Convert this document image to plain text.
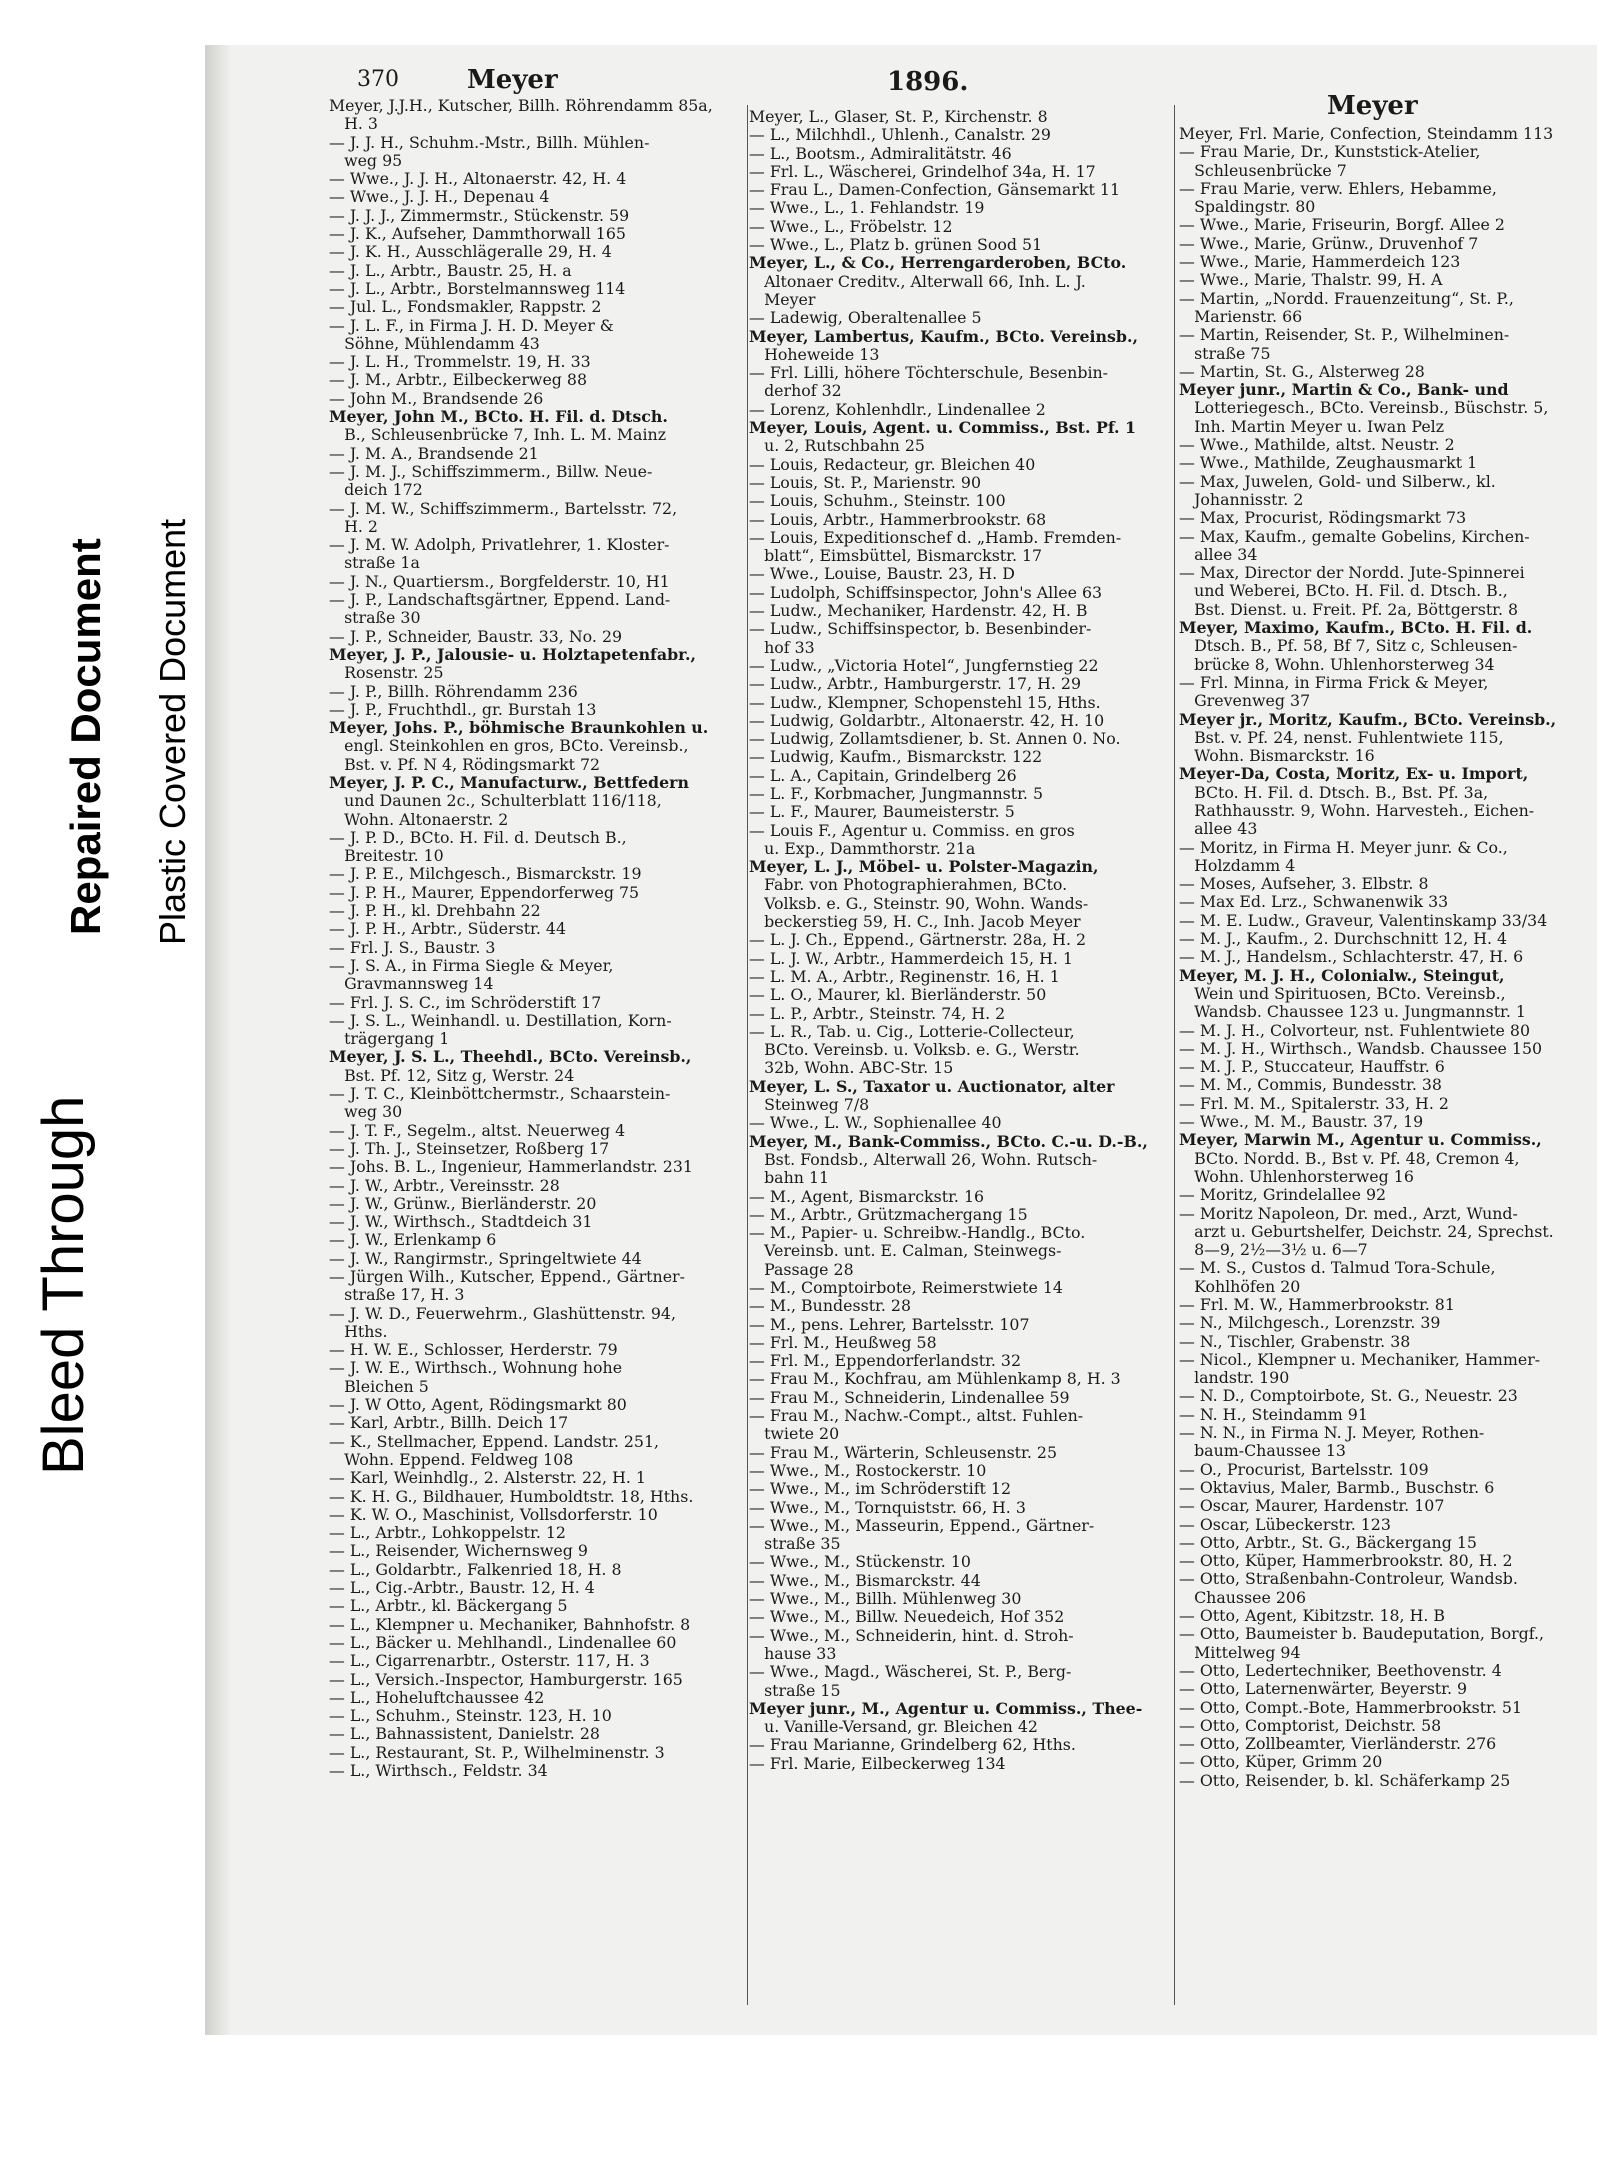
Bleed Through
Repaired Document Plastic Covered Document
370	Meyer	1896.
Meyer
Meyer, J.J.H., Kutscher, Billh. Röhrendamm 85a,
H. 3
— J. J. H., Schuhm.-Mstr., Billh. Mühlen-
weg 95
— Wwe., J. J. H., Altonaerstr. 42, H. 4
— Wwe., J. J. H., Depenau 4
— J. J. J., Zimmermstr., Stückenstr. 59
— J. K., Aufseher, Dammthorwall 165
— J. K. H., Ausschlägeralle 29, H. 4
— J. L., Arbtr., Baustr. 25, H. a
— J. L., Arbtr., Borstelmannsweg 114
— Jul. L., Fondsmakler, Rappstr. 2
— J. L. F., in Firma J. H. D. Meyer &
Söhne, Mühlendamm 43
— J. L. H., Trommelstr. 19, H. 33
— J. M., Arbtr., Eilbeckerweg 88
— John M., Brandsende 26
Meyer, John M., BCto. H. Fil. d. Dtsch.
B., Schleusenbrücke 7, Inh. L. M. Mainz
— J. M. A., Brandsende 21
— J. M. J., Schiffszimmerm., Billw. Neue-
deich 172
— J. M. W., Schiffszimmerm., Bartelsstr. 72,
H. 2
— J. M. W. Adolph, Privatlehrer, 1. Kloster-
straße 1a
— J. N., Quartiersm., Borgfelderstr. 10, H1
— J. P., Landschaftsgärtner, Eppend. Land-
straße 30
— J. P., Schneider, Baustr. 33, No. 29
Meyer, J. P., Jalousie- u. Holztapetenfabr.,
Rosenstr. 25
— J. P., Billh. Röhrendamm 236
— J. P., Fruchthdl., gr. Burstah 13
Meyer, Johs. P., böhmische Braunkohlen u.
engl. Steinkohlen en gros, BCto. Vereinsb.,
Bst. v. Pf. N 4, Rödingsmarkt 72
Meyer, J. P. C., Manufacturw., Bettfedern
und Daunen 2c., Schulterblatt 116/118,
Wohn. Altonaerstr. 2
— J. P. D., BCto. H. Fil. d. Deutsch B.,
Breitestr. 10
— J. P. E., Milchgesch., Bismarckstr. 19
— J. P. H., Maurer, Eppendorferweg 75
— J. P. H., kl. Drehbahn 22
— J. P. H., Arbtr., Süderstr. 44
— Frl. J. S., Baustr. 3
— J. S. A., in Firma Siegle & Meyer,
Gravmannsweg 14
— Frl. J. S. C., im Schröderstift 17
— J. S. L., Weinhandl. u. Destillation, Korn-
trägergang 1
Meyer, J. S. L., Theehdl., BCto. Vereinsb.,
Bst. Pf. 12, Sitz g, Werstr. 24
— J. T. C., Kleinböttchermstr., Schaarstein-
weg 30
— J. T. F., Segelm., altst. Neuerweg 4
— J. Th. J., Steinsetzer, Roßberg 17
— Johs. B. L., Ingenieur, Hammerlandstr. 231
— J. W., Arbtr., Vereinsstr. 28
— J. W., Grünw., Bierländerstr. 20
— J. W., Wirthsch., Stadtdeich 31
— J. W., Erlenkamp 6
— J. W., Rangirmstr., Springeltwiete 44
— Jürgen Wilh., Kutscher, Eppend., Gärtner-
straße 17, H. 3
— J. W. D., Feuerwehrm., Glashüttenstr. 94,
Hths.
— H. W. E., Schlosser, Herderstr. 79
— J. W. E., Wirthsch., Wohnung hohe
Bleichen 5
— J. W Otto, Agent, Rödingsmarkt 80
— Karl, Arbtr., Billh. Deich 17
— K., Stellmacher, Eppend. Landstr. 251,
Wohn. Eppend. Feldweg 108
— Karl, Weinhdlg., 2. Alsterstr. 22, H. 1
— K. H. G., Bildhauer, Humboldtstr. 18, Hths.
— K. W. O., Maschinist, Vollsdorferstr. 10
— L., Arbtr., Lohkoppelstr. 12
— L., Reisender, Wichernsweg 9
— L., Goldarbtr., Falkenried 18, H. 8
— L., Cig.-Arbtr., Baustr. 12, H. 4
— L., Arbtr., kl. Bäckergang 5
— L., Klempner u. Mechaniker, Bahnhofstr. 8
— L., Bäcker u. Mehlhandl., Lindenallee 60
— L., Cigarrenarbtr., Osterstr. 117, H. 3
— L., Versich.-Inspector, Hamburgerstr. 165
— L., Hoheluftchaussee 42
— L., Schuhm., Steinstr. 123, H. 10
— L., Bahnassistent, Danielstr. 28
— L., Restaurant, St. P., Wilhelminenstr. 3
— L., Wirthsch., Feldstr. 34
Meyer, L., Glaser, St. P., Kirchenstr. 8
— L., Milchhdl., Uhlenh., Canalstr. 29
— L., Bootsm., Admiralitätstr. 46
— Frl. L., Wäscherei, Grindelhof 34a, H. 17
— Frau L., Damen-Confection, Gänsemarkt 11
— Wwe., L., 1. Fehlandstr. 19
— Wwe., L., Fröbelstr. 12
— Wwe., L., Platz b. grünen Sood 51
Meyer, L., & Co., Herrengarderoben, BCto.
Altonaer Creditv., Alterwall 66, Inh. L. J.
Meyer
— Ladewig, Oberaltenallee 5
Meyer, Lambertus, Kaufm., BCto. Vereinsb.,
Hoheweide 13
— Frl. Lilli, höhere Töchterschule, Besenbin-
derhof 32
— Lorenz, Kohlenhdlr., Lindenallee 2
Meyer, Louis, Agent. u. Commiss., Bst. Pf. 1
u. 2, Rutschbahn 25
— Louis, Redacteur, gr. Bleichen 40
— Louis, St. P., Marienstr. 90
— Louis, Schuhm., Steinstr. 100
— Louis, Arbtr., Hammerbrookstr. 68
— Louis, Expeditionschef d. „Hamb. Fremden-
blatt“, Eimsbüttel, Bismarckstr. 17
— Wwe., Louise, Baustr. 23, H. D
— Ludolph, Schiffsinspector, John's Allee 63
— Ludw., Mechaniker, Hardenstr. 42, H. B
— Ludw., Schiffsinspector, b. Besenbinder-
hof 33
— Ludw., „Victoria Hotel“, Jungfernstieg 22
— Ludw., Arbtr., Hamburgerstr. 17, H. 29
— Ludw., Klempner, Schopenstehl 15, Hths.
— Ludwig, Goldarbtr., Altonaerstr. 42, H. 10
— Ludwig, Zollamtsdiener, b. St. Annen 0. No.
— Ludwig, Kaufm., Bismarckstr. 122
— L. A., Capitain, Grindelberg 26
— L. F., Korbmacher, Jungmannstr. 5
— L. F., Maurer, Baumeisterstr. 5
— Louis F., Agentur u. Commiss. en gros
u. Exp., Dammthorstr. 21a
Meyer, L. J., Möbel- u. Polster-Magazin,
Fabr. von Photographierahmen, BCto.
Volksb. e. G., Steinstr. 90, Wohn. Wands-
beckerstieg 59, H. C., Inh. Jacob Meyer
— L. J. Ch., Eppend., Gärtnerstr. 28a, H. 2
— L. J. W., Arbtr., Hammerdeich 15, H. 1
— L. M. A., Arbtr., Reginenstr. 16, H. 1
— L. O., Maurer, kl. Bierländerstr. 50
— L. P., Arbtr., Steinstr. 74, H. 2
— L. R., Tab. u. Cig., Lotterie-Collecteur,
BCto. Vereinsb. u. Volksb. e. G., Werstr.
32b, Wohn. ABC-Str. 15
Meyer, L. S., Taxator u. Auctionator, alter
Steinweg 7/8
— Wwe., L. W., Sophienallee 40
Meyer, M., Bank-Commiss., BCto. C.-u. D.-B.,
Bst. Fondsb., Alterwall 26, Wohn. Rutsch-
bahn 11
— M., Agent, Bismarckstr. 16
— M., Arbtr., Grützmachergang 15
— M., Papier- u. Schreibw.-Handlg., BCto.
Vereinsb. unt. E. Calman, Steinwegs-
Passage 28
— M., Comptoirbote, Reimerstwiete 14
— M., Bundesstr. 28
— M., pens. Lehrer, Bartelsstr. 107
— Frl. M., Heußweg 58
— Frl. M., Eppendorferlandstr. 32
— Frau M., Kochfrau, am Mühlenkamp 8, H. 3
— Frau M., Schneiderin, Lindenallee 59
— Frau M., Nachw.-Compt., altst. Fuhlen-
twiete 20
— Frau M., Wärterin, Schleusenstr. 25
— Wwe., M., Rostockerstr. 10
— Wwe., M., im Schröderstift 12
— Wwe., M., Tornquiststr. 66, H. 3
— Wwe., M., Masseurin, Eppend., Gärtner-
straße 35
— Wwe., M., Stückenstr. 10
— Wwe., M., Bismarckstr. 44
— Wwe., M., Billh. Mühlenweg 30
— Wwe., M., Billw. Neuedeich, Hof 352
— Wwe., M., Schneiderin, hint. d. Stroh-
hause 33
— Wwe., Magd., Wäscherei, St. P., Berg-
straße 15
Meyer junr., M., Agentur u. Commiss., Thee-
u. Vanille-Versand, gr. Bleichen 42
— Frau Marianne, Grindelberg 62, Hths.
— Frl. Marie, Eilbeckerweg 134
Meyer, Frl. Marie, Confection, Steindamm 113
— Frau Marie, Dr., Kunststick-Atelier,
Schleusenbrücke 7
— Frau Marie, verw. Ehlers, Hebamme,
Spaldingstr. 80
— Wwe., Marie, Friseurin, Borgf. Allee 2
— Wwe., Marie, Grünw., Druvenhof 7
— Wwe., Marie, Hammerdeich 123
— Wwe., Marie, Thalstr. 99, H. A
— Martin, „Nordd. Frauenzeitung“, St. P.,
Marienstr. 66
— Martin, Reisender, St. P., Wilhelminen-
straße 75
— Martin, St. G., Alsterweg 28
Meyer junr., Martin & Co., Bank- und
Lotteriegesch., BCto. Vereinsb., Büschstr. 5,
Inh. Martin Meyer u. Iwan Pelz
— Wwe., Mathilde, altst. Neustr. 2
— Wwe., Mathilde, Zeughausmarkt 1
— Max, Juwelen, Gold- und Silberw., kl.
Johannisstr. 2
— Max, Procurist, Rödingsmarkt 73
— Max, Kaufm., gemalte Gobelins, Kirchen-
allee 34
— Max, Director der Nordd. Jute-Spinnerei
und Weberei, BCto. H. Fil. d. Dtsch. B.,
Bst. Dienst. u. Freit. Pf. 2a, Böttgerstr. 8
Meyer, Maximo, Kaufm., BCto. H. Fil. d.
Dtsch. B., Pf. 58, Bf 7, Sitz c, Schleusen-
brücke 8, Wohn. Uhlenhorsterweg 34
— Frl. Minna, in Firma Frick & Meyer,
Grevenweg 37
Meyer jr., Moritz, Kaufm., BCto. Vereinsb.,
Bst. v. Pf. 24, nenst. Fuhlentwiete 115,
Wohn. Bismarckstr. 16
Meyer-Da, Costa, Moritz, Ex- u. Import,
BCto. H. Fil. d. Dtsch. B., Bst. Pf. 3a,
Rathhausstr. 9, Wohn. Harvesteh., Eichen-
allee 43
— Moritz, in Firma H. Meyer junr. & Co.,
Holzdamm 4
— Moses, Aufseher, 3. Elbstr. 8
— Max Ed. Lrz., Schwanenwik 33
— M. E. Ludw., Graveur, Valentinskamp 33/34
— M. J., Kaufm., 2. Durchschnitt 12, H. 4
— M. J., Handelsm., Schlachterstr. 47, H. 6
Meyer, M. J. H., Colonialw., Steingut,
Wein und Spirituosen, BCto. Vereinsb.,
Wandsb. Chaussee 123 u. Jungmannstr. 1
— M. J. H., Colvorteur, nst. Fuhlentwiete 80
— M. J. H., Wirthsch., Wandsb. Chaussee 150
— M. J. P., Stuccateur, Hauffstr. 6
— M. M., Commis, Bundesstr. 38
— Frl. M. M., Spitalerstr. 33, H. 2
— Wwe., M. M., Baustr. 37, 19
Meyer, Marwin M., Agentur u. Commiss.,
BCto. Nordd. B., Bst v. Pf. 48, Cremon 4,
Wohn. Uhlenhorsterweg 16
— Moritz, Grindelallee 92
— Moritz Napoleon, Dr. med., Arzt, Wund-
arzt u. Geburtshelfer, Deichstr. 24, Sprechst.
8—9, 2½—3½ u. 6—7
— M. S., Custos d. Talmud Tora-Schule,
Kohlhöfen 20
— Frl. M. W., Hammerbrookstr. 81
— N., Milchgesch., Lorenzstr. 39
— N., Tischler, Grabenstr. 38
— Nicol., Klempner u. Mechaniker, Hammer-
landstr. 190
— N. D., Comptoirbote, St. G., Neuestr. 23
— N. H., Steindamm 91
— N. N., in Firma N. J. Meyer, Rothen-
baum-Chaussee 13
— O., Procurist, Bartelsstr. 109
— Oktavius, Maler, Barmb., Buschstr. 6
— Oscar, Maurer, Hardenstr. 107
— Oscar, Lübeckerstr. 123
— Otto, Arbtr., St. G., Bäckergang 15
— Otto, Küper, Hammerbrookstr. 80, H. 2
— Otto, Straßenbahn-Controleur, Wandsb.
Chaussee 206
— Otto, Agent, Kibitzstr. 18, H. B
— Otto, Baumeister b. Baudeputation, Borgf.,
Mittelweg 94
— Otto, Ledertechniker, Beethovenstr. 4
— Otto, Laternenwärter, Beyerstr. 9
— Otto, Compt.-Bote, Hammerbrookstr. 51
— Otto, Comptorist, Deichstr. 58
— Otto, Zollbeamter, Vierländerstr. 276
— Otto, Küper, Grimm 20
— Otto, Reisender, b. kl. Schäferkamp 25
